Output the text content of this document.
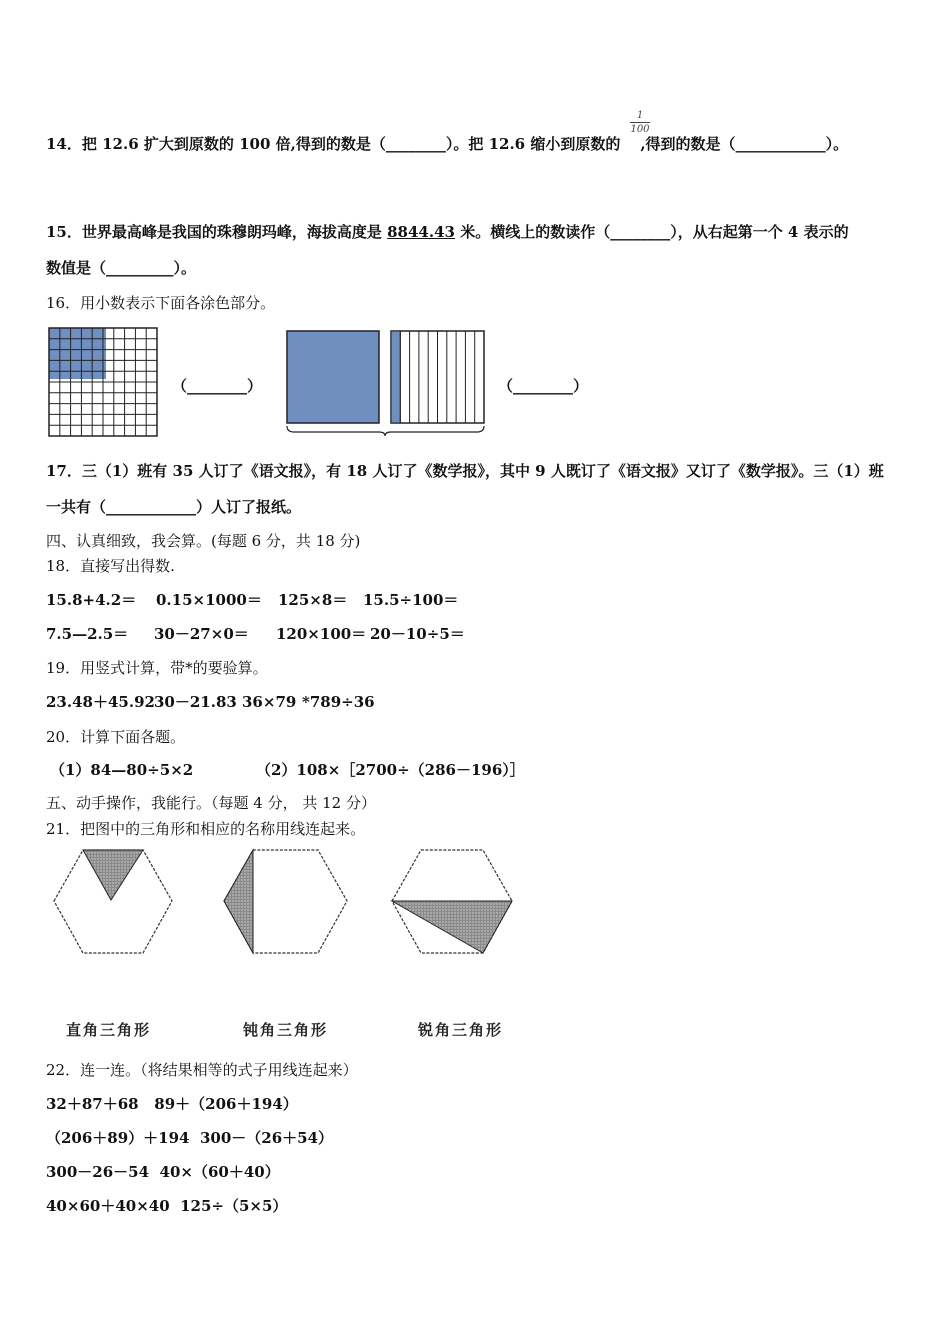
14．把 12.6 扩大到原数的 100 倍,得到的数是（________）。把 12.6 缩小到原数的 ,得到的数是（____________）。
1
100
15．世界最高峰是我国的珠穆朗玛峰，海拔高度是 8844.43 米。横线上的数读作（________），从右起第一个 4 表示的
数值是（_________）。
16．用小数表示下面各涂色部分。
（________）	（________）
17．三（1）班有 35 人订了《语文报》，有 18 人订了《数学报》，其中 9 人既订了《语文报》又订了《数学报》。三（1）班
一共有（____________）人订了报纸。
四、认真细致，我会算。(每题 6 分，共 18 分)
18．直接写出得数.
15.8+4.2＝ 0.15×1000＝ 125×8＝ 15.5÷100＝
7.5—2.5＝ 30－27×0＝ 120×100＝ 20－10÷5＝
19．用竖式计算，带*的要验算。
23.48＋45.92 30－21.83 36×79 *789÷36
20．计算下面各题。
（1）84—80÷5×2	（2）108×［2700÷（286－196）］
五、动手操作，我能行。（每题 4 分， 共 12 分）
21．把图中的三角形和相应的名称用线连起来。
直角三角形	钝角三角形	锐角三角形
22．连一连。（将结果相等的式子用线连起来）
32＋87＋68 89＋（206＋194）
（206＋89）＋194 300－（26＋54）
300－26－54 40×（60＋40）
40×60＋40×40 125÷（5×5）
